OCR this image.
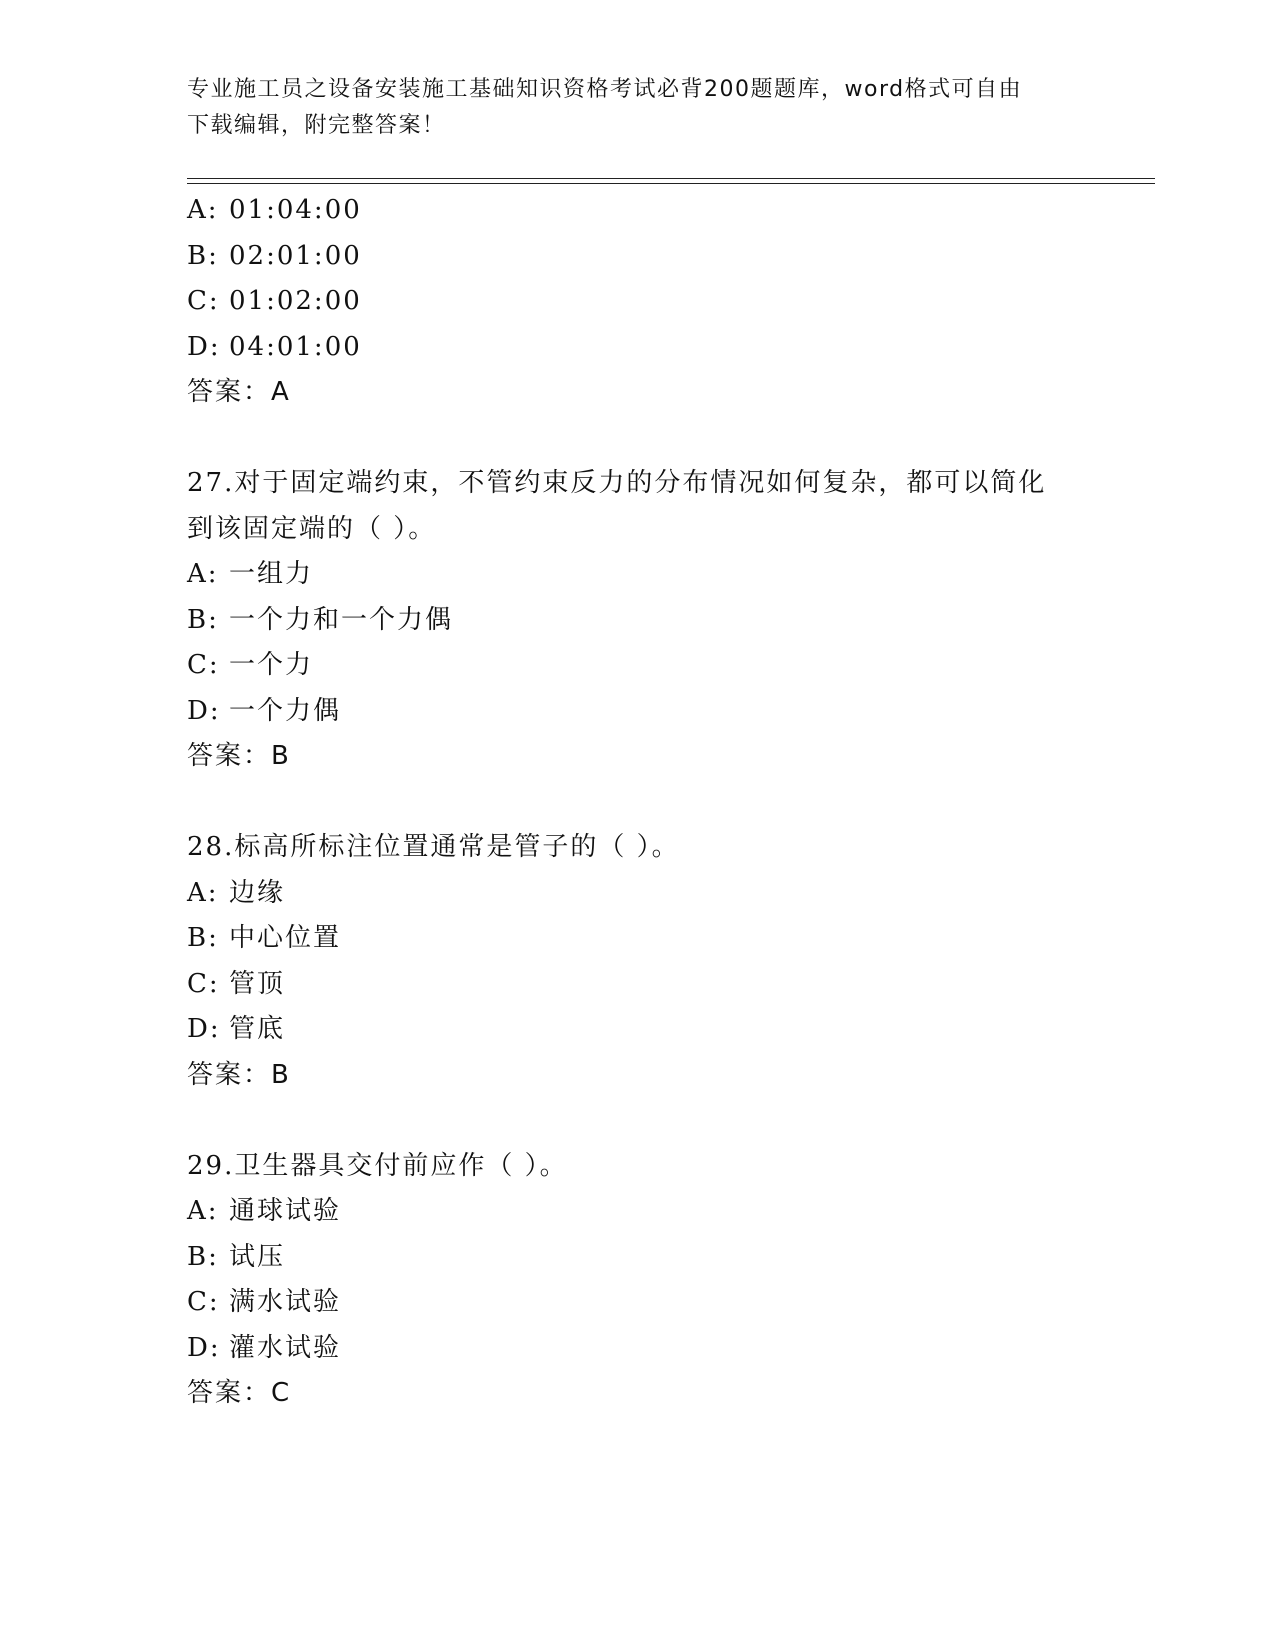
专业施工员之设备安装施工基础知识资格考试必背200题题库，word格式可自由
下载编辑，附完整答案！
A: 01:04:00
B: 02:01:00
C: 01:02:00
D: 04:01:00
答案：A
27.对于固定端约束，不管约束反力的分布情况如何复杂，都可以简化
到该固定端的（ ）。
A: 一组力
B: 一个力和一个力偶
C: 一个力
D: 一个力偶
答案：B
28.标高所标注位置通常是管子的（ ）。
A: 边缘
B: 中心位置
C: 管顶
D: 管底
答案：B
29.卫生器具交付前应作（ ）。
A: 通球试验
B: 试压
C: 满水试验
D: 灌水试验
答案：C
